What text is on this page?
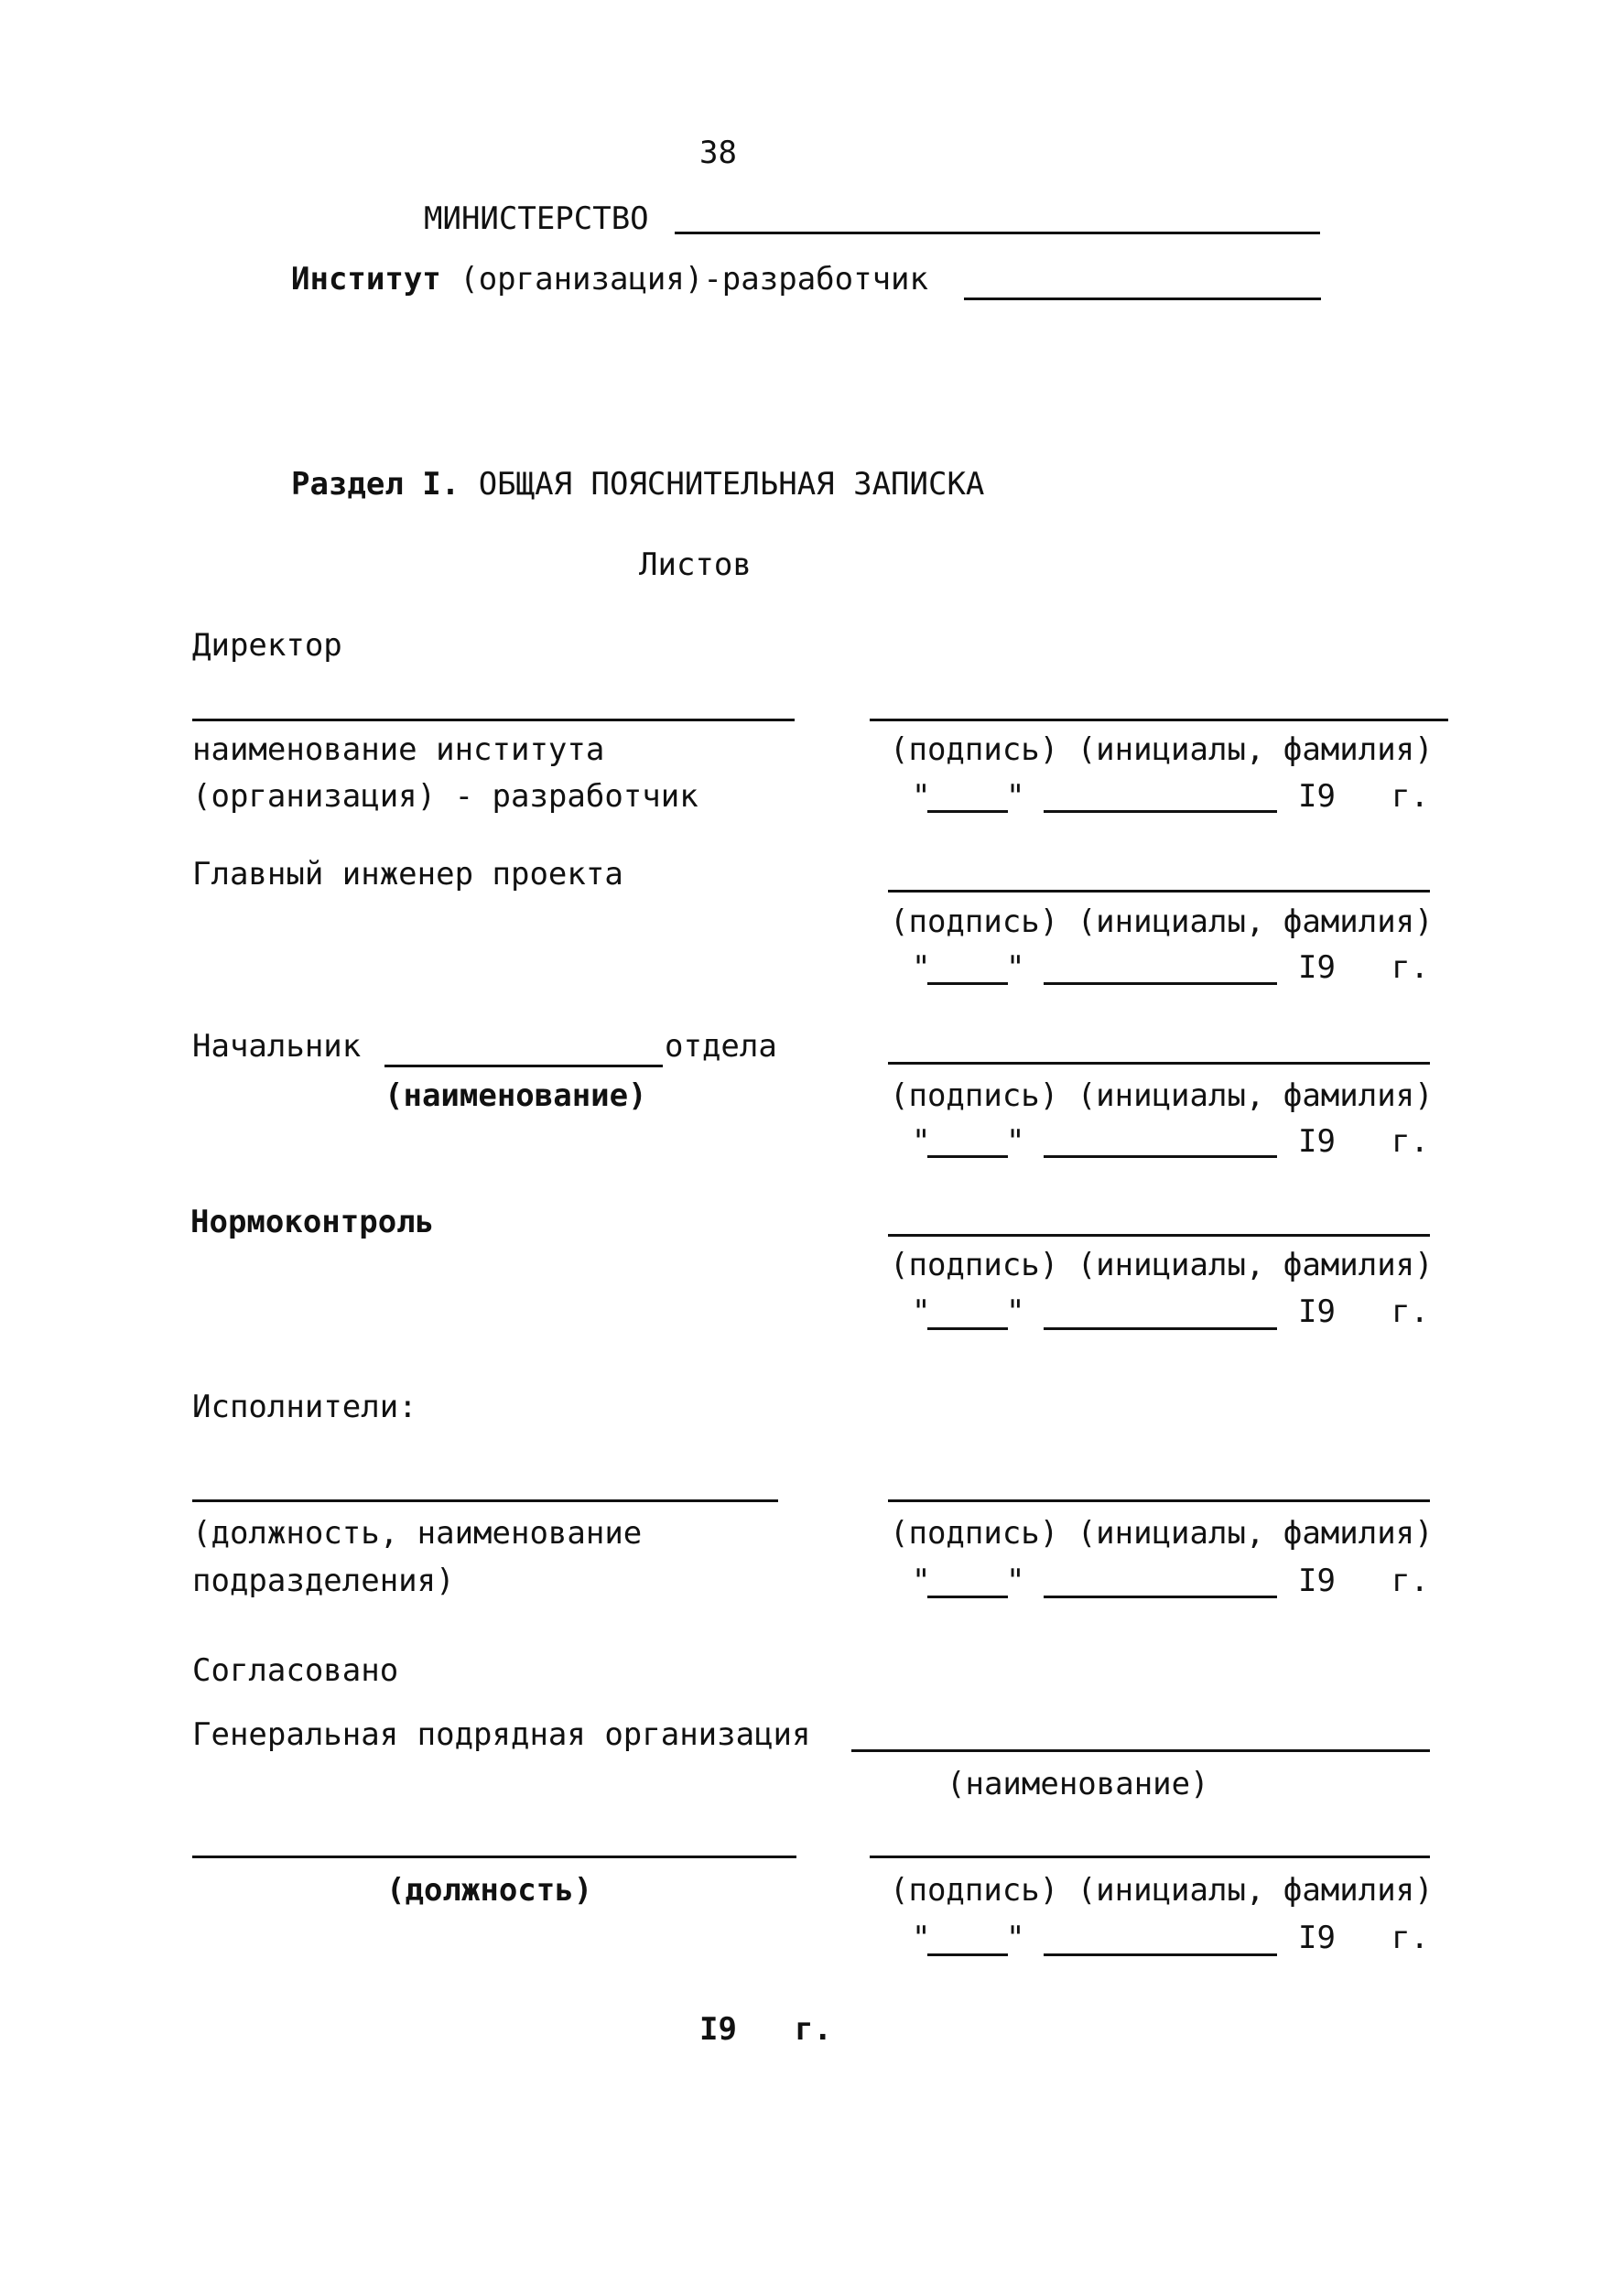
38
МИНИСТЕРСТВО
Институт (организация)-разработчик
Раздел I. ОБЩАЯ ПОЯСНИТЕЛЬНАЯ ЗАПИСКА
Листов
Директор
наименование института
(организация) - разработчик
(подпись) (инициалы, фамилия)
" "	I9 г.
Главный инженер проекта
(подпись) (инициалы, фамилия)
" "	I9 г.
Начальник	отдела
(наименование)	(подпись) (инициалы, фамилия)
" "	I9 г.
Нормоконтроль
(подпись) (инициалы, фамилия)
" "	I9 г.
Исполнители:
(должность, наименование
подразделения)
(подпись) (инициалы, фамилия)
" "	I9 г.
Согласовано
Генеральная подрядная организация
(наименование)
(должность)	(подпись) (инициалы, фамилия)
" "	I9 г.
I9 г.
